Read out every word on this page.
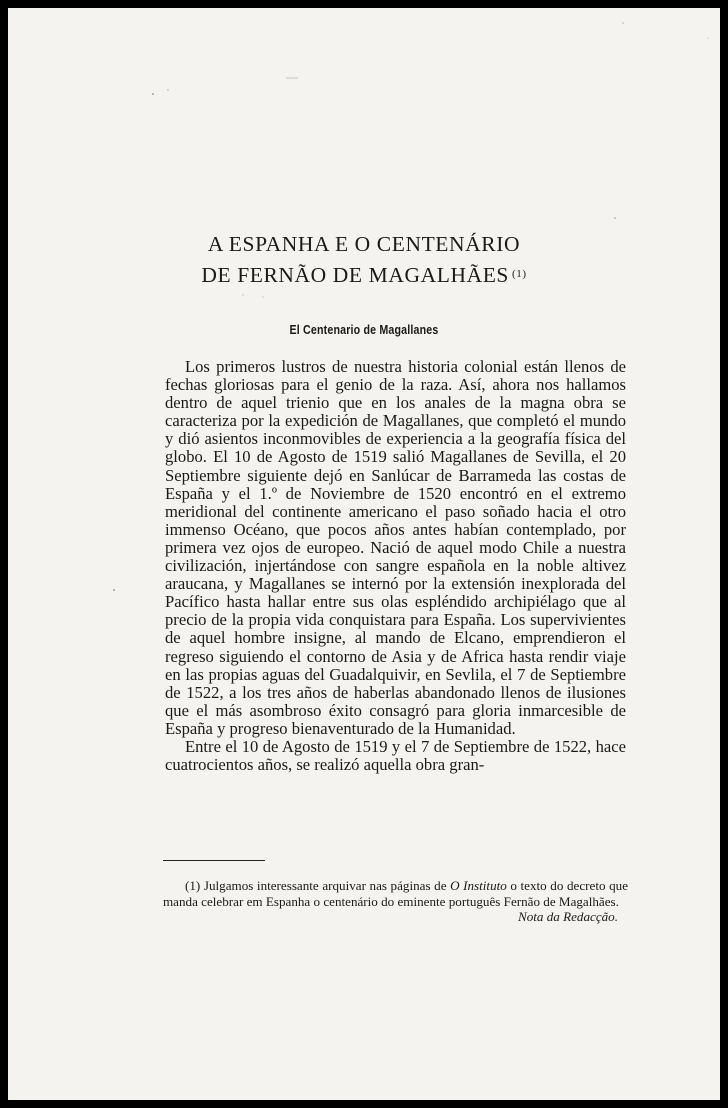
A ESPANHA E O CENTENÁRIO
DE FERNÃO DE MAGALHÃES $^{(1)}$
El Centenario de Magallanes

Los primeros lustros de nuestra historia colonial están llenos de fechas gloriosas para el genio de la raza. Así, ahora nos hallamos dentro de aquel trienio que en los anales de la magna obra se caracteriza por la expedición de Magallanes, que completó el mundo y dió asientos inconmovibles de experiencia a la geografía física del globo. El 10 de Agosto de 1519 salió Magallanes de Sevilla, el 20 Septiembre siguiente dejó en Sanlúcar de Barrameda las costas de España y el 1.º de Noviembre de 1520 encontró en el extremo meridional del continente americano el paso soñado hacia el otro immenso Océano, que pocos años antes habían contemplado, por primera vez ojos de europeo. Nació de aquel modo Chile a nuestra civilización, injertándose con sangre española en la noble altivez araucana, y Magallanes se internó por la extensión inexplorada del Pacífico hasta hallar entre sus olas espléndido archipiélago que al precio de la propia vida conquistara para España. Los supervivientes de aquel hombre insigne, al mando de Elcano, emprendieron el regreso siguiendo el contorno de Asia y de Africa hasta rendir viaje en las propias aguas del Guadalquivir, en Sevlila, el 7 de Septiembre de 1522, a los tres años de haberlas abandonado llenos de ilusiones que el más asombroso éxito consagró para gloria inmarcesible de España y progreso bienaventurado de la Humanidad.

Entre el 10 de Agosto de 1519 y el 7 de Septiembre de 1522, hace cuatrocientos años, se realizó aquella obra gran-

(1) Julgamos interessante arquivar nas páginas de O Instituto o texto do decreto que manda celebrar em Espanha o centenário do eminente português Fernão de Magalhães.
Nota da Redacção.
